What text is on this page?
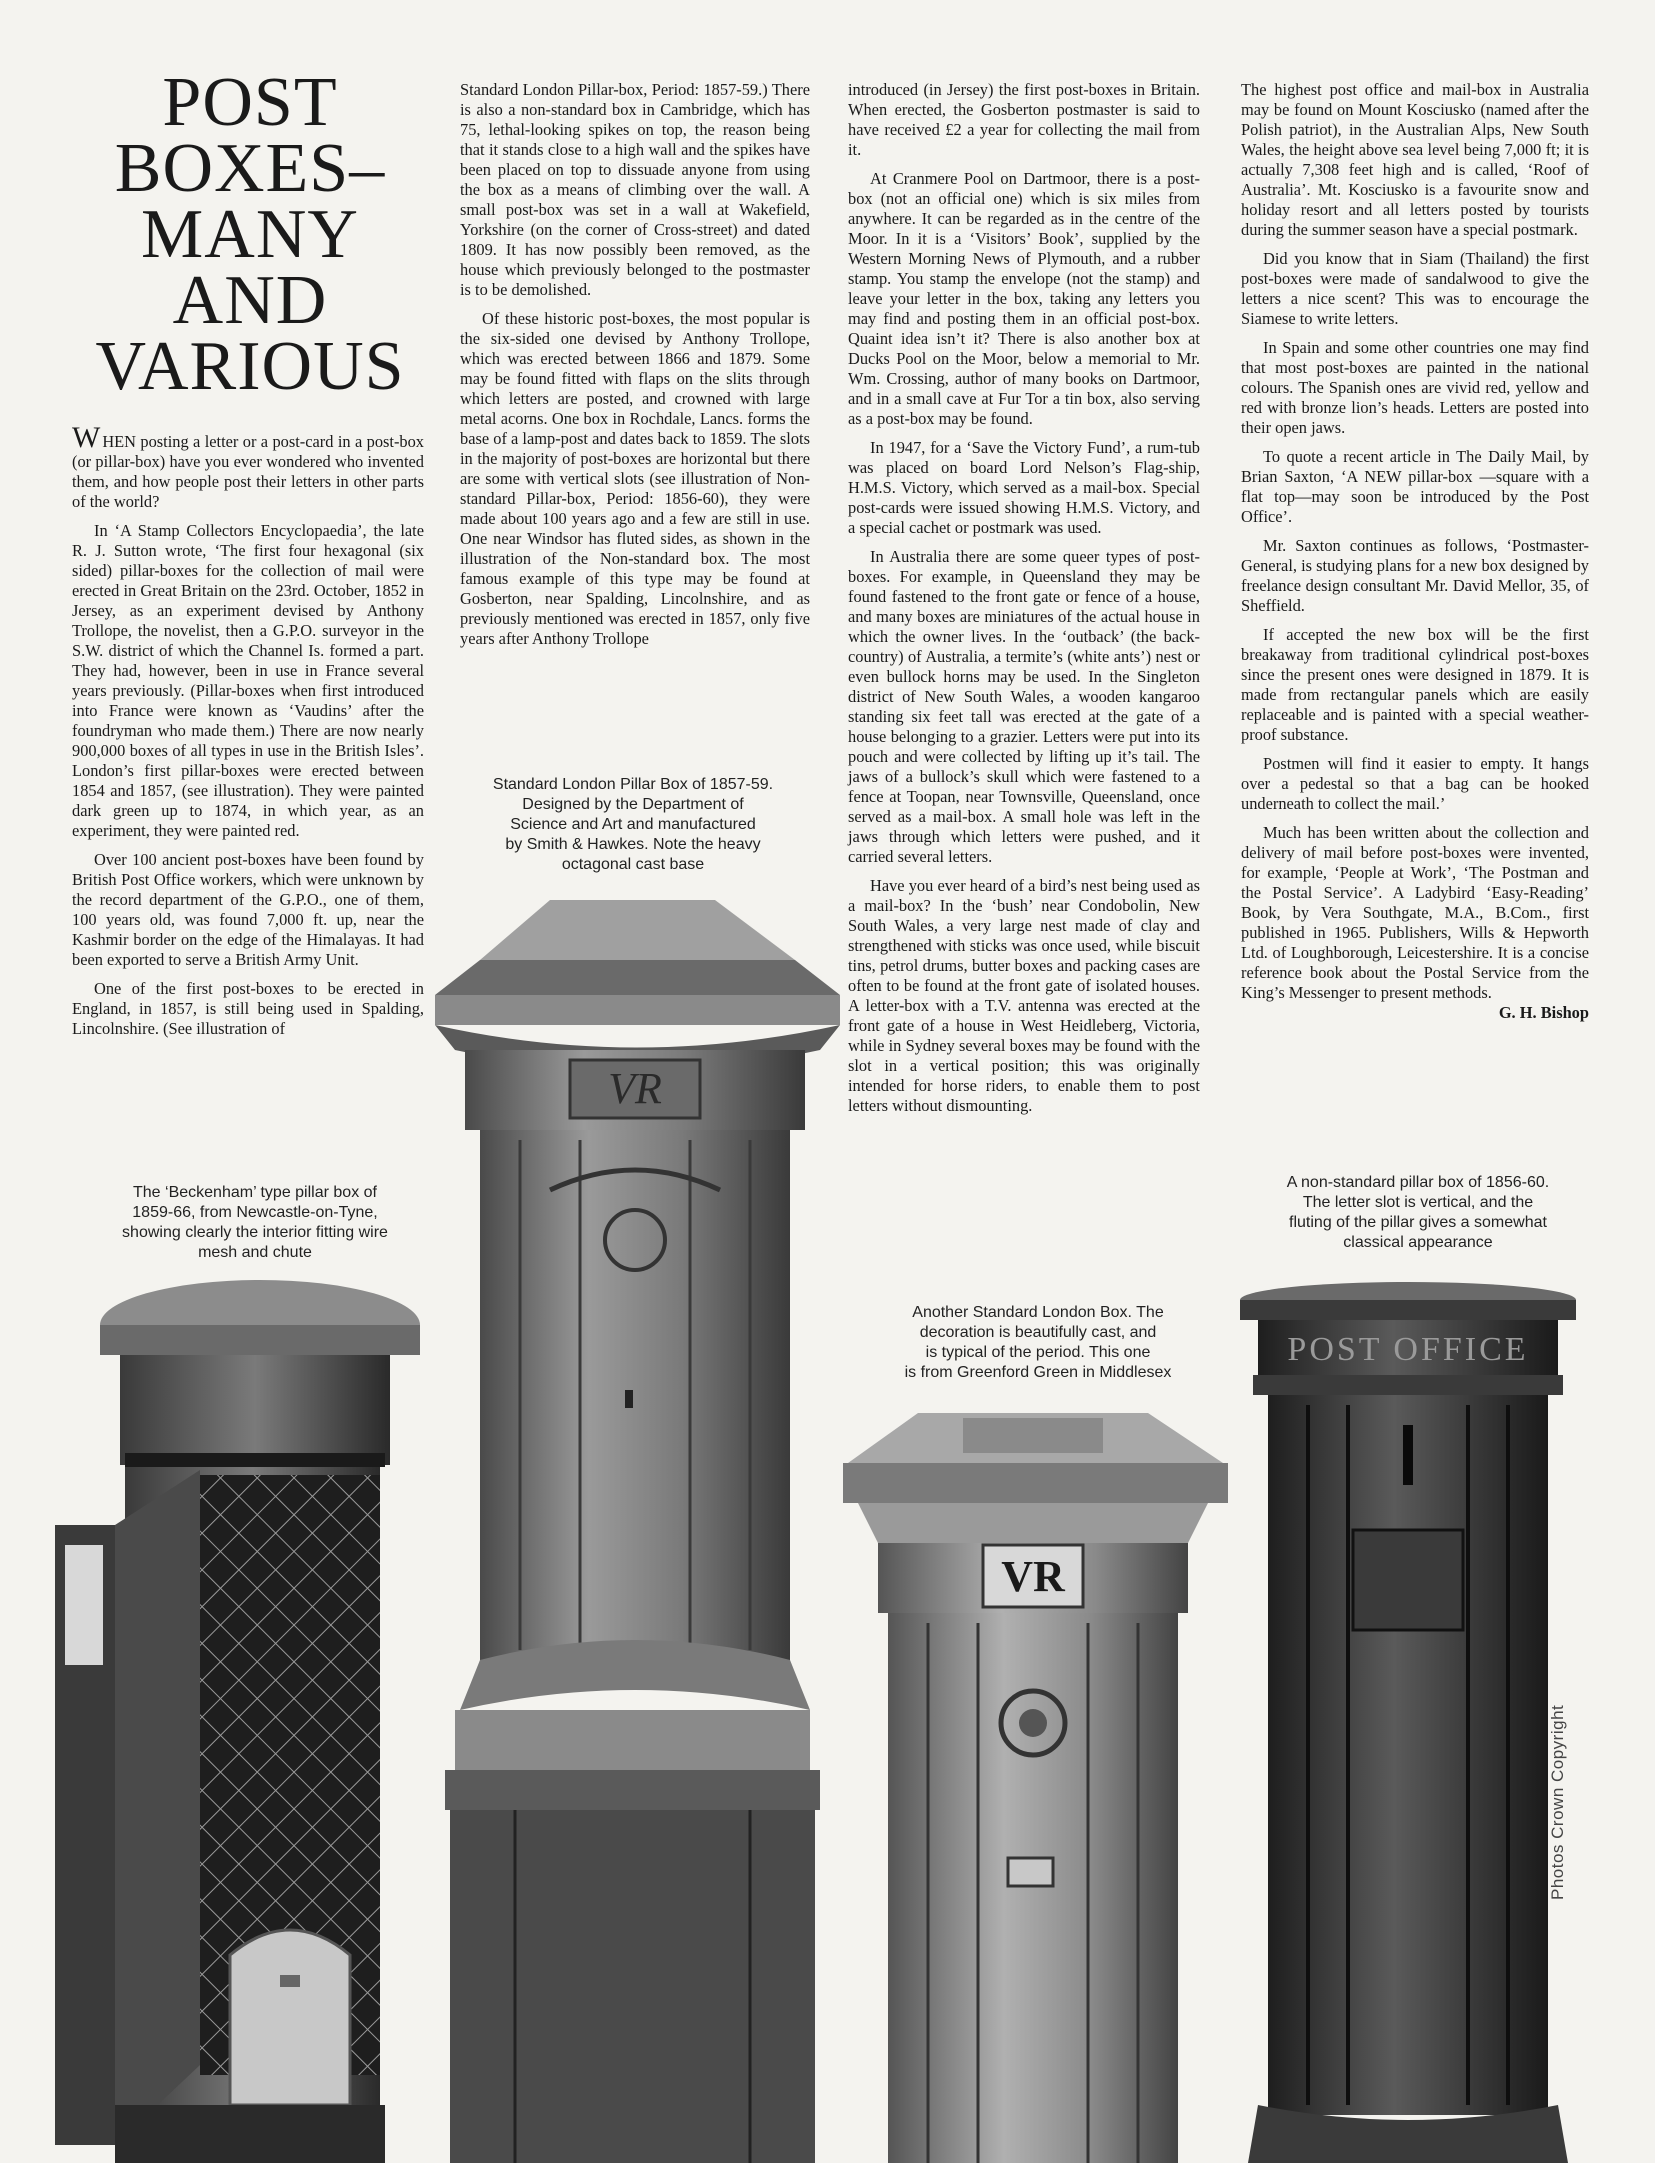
POST
BOXES–
MANY
AND
VARIOUS

WHEN posting a letter or a post-card in a post-box (or pillar-box) have you ever wondered who invented them, and how people post their letters in other parts of the world?

In ‘A Stamp Collectors Encyclopaedia’, the late R. J. Sutton wrote, ‘The first four hexagonal (six sided) pillar-boxes for the collection of mail were erected in Great Britain on the 23rd. October, 1852 in Jersey, as an experiment devised by Anthony Trollope, the novelist, then a G.P.O. surveyor in the S.W. district of which the Channel Is. formed a part. They had, however, been in use in France several years previously. (Pillar-boxes when first introduced into France were known as ‘Vaudins’ after the foundryman who made them.) There are now nearly 900,000 boxes of all types in use in the British Isles’. London’s first pillar-boxes were erected between 1854 and 1857, (see illustration). They were painted dark green up to 1874, in which year, as an experiment, they were painted red.

Over 100 ancient post-boxes have been found by British Post Office workers, which were unknown by the record department of the G.P.O., one of them, 100 years old, was found 7,000 ft. up, near the Kashmir border on the edge of the Himalayas. It had been exported to serve a British Army Unit.

One of the first post-boxes to be erected in England, in 1857, is still being used in Spalding, Lincolnshire. (See illustration of

Standard London Pillar-box, Period: 1857-59.) There is also a non-standard box in Cambridge, which has 75, lethal-looking spikes on top, the reason being that it stands close to a high wall and the spikes have been placed on top to dissuade anyone from using the box as a means of climbing over the wall. A small post-box was set in a wall at Wakefield, Yorkshire (on the corner of Cross-street) and dated 1809. It has now possibly been removed, as the house which previously belonged to the postmaster is to be demolished.

Of these historic post-boxes, the most popular is the six-sided one devised by Anthony Trollope, which was erected between 1866 and 1879. Some may be found fitted with flaps on the slits through which letters are posted, and crowned with large metal acorns. One box in Rochdale, Lancs. forms the base of a lamp-post and dates back to 1859. The slots in the majority of post-boxes are horizontal but there are some with vertical slots (see illustration of Non-standard Pillar-box, Period: 1856-60), they were made about 100 years ago and a few are still in use. One near Windsor has fluted sides, as shown in the illustration of the Non-standard box. The most famous example of this type may be found at Gosberton, near Spalding, Lincolnshire, and as previously mentioned was erected in 1857, only five years after Anthony Trollope

introduced (in Jersey) the first post-boxes in Britain. When erected, the Gosberton postmaster is said to have received £2 a year for collecting the mail from it.

At Cranmere Pool on Dartmoor, there is a post-box (not an official one) which is six miles from anywhere. It can be regarded as in the centre of the Moor. In it is a ‘Visitors’ Book’, supplied by the Western Morning News of Plymouth, and a rubber stamp. You stamp the envelope (not the stamp) and leave your letter in the box, taking any letters you may find and posting them in an official post-box. Quaint idea isn’t it? There is also another box at Ducks Pool on the Moor, below a memorial to Mr. Wm. Crossing, author of many books on Dartmoor, and in a small cave at Fur Tor a tin box, also serving as a post-box may be found.

In 1947, for a ‘Save the Victory Fund’, a rum-tub was placed on board Lord Nelson’s Flag-ship, H.M.S. Victory, which served as a mail-box. Special post-cards were issued showing H.M.S. Victory, and a special cachet or postmark was used.

In Australia there are some queer types of post-boxes. For example, in Queensland they may be found fastened to the front gate or fence of a house, and many boxes are miniatures of the actual house in which the owner lives. In the ‘outback’ (the back-country) of Australia, a termite’s (white ants’) nest or even bullock horns may be used. In the Singleton district of New South Wales, a wooden kangaroo standing six feet tall was erected at the gate of a house belonging to a grazier. Letters were put into its pouch and were collected by lifting up it’s tail. The jaws of a bullock’s skull which were fastened to a fence at Toopan, near Townsville, Queensland, once served as a mail-box. A small hole was left in the jaws through which letters were pushed, and it carried several letters.

Have you ever heard of a bird’s nest being used as a mail-box? In the ‘bush’ near Condobolin, New South Wales, a very large nest made of clay and strengthened with sticks was once used, while biscuit tins, petrol drums, butter boxes and packing cases are often to be found at the front gate of isolated houses. A letter-box with a T.V. antenna was erected at the front gate of a house in West Heidleberg, Victoria, while in Sydney several boxes may be found with the slot in a vertical position; this was originally intended for horse riders, to enable them to post letters without dismounting.

The highest post office and mail-box in Australia may be found on Mount Kosciusko (named after the Polish patriot), in the Australian Alps, New South Wales, the height above sea level being 7,000 ft; it is actually 7,308 feet high and is called, ‘Roof of Australia’. Mt. Kosciusko is a favourite snow and holiday resort and all letters posted by tourists during the summer season have a special postmark.

Did you know that in Siam (Thailand) the first post-boxes were made of sandalwood to give the letters a nice scent? This was to encourage the Siamese to write letters.

In Spain and some other countries one may find that most post-boxes are painted in the national colours. The Spanish ones are vivid red, yellow and red with bronze lion’s heads. Letters are posted into their open jaws.

To quote a recent article in The Daily Mail, by Brian Saxton, ‘A NEW pillar-box —square with a flat top—may soon be introduced by the Post Office’.

Mr. Saxton continues as follows, ‘Postmaster-General, is studying plans for a new box designed by freelance design consultant Mr. David Mellor, 35, of Sheffield.

If accepted the new box will be the first breakaway from traditional cylindrical post-boxes since the present ones were designed in 1879. It is made from rectangular panels which are easily replaceable and is painted with a special weather-proof substance.

Postmen will find it easier to empty. It hangs over a pedestal so that a bag can be hooked underneath to collect the mail.’

Much has been written about the collection and delivery of mail before post-boxes were invented, for example, ‘People at Work’, ‘The Postman and the Postal Service’. A Ladybird ‘Easy-Reading’ Book, by Vera Southgate, M.A., B.Com., first published in 1965. Publishers, Wills & Hepworth Ltd. of Loughborough, Leicestershire. It is a concise reference book about the Postal Service from the King’s Messenger to present methods.
G. H. Bishop

Standard London Pillar Box of 1857-59.
Designed by the Department of
Science and Art and manufactured
by Smith & Hawkes. Note the heavy
octagonal cast base
The ‘Beckenham’ type pillar box of
1859-66, from Newcastle-on-Tyne,
showing clearly the interior fitting wire
mesh and chute
Another Standard London Box. The
decoration is beautifully cast, and
is typical of the period. This one
is from Greenford Green in Middlesex
A non-standard pillar box of 1856-60.
The letter slot is vertical, and the
fluting of the pillar gives a somewhat
classical appearance
VR
VR
POST OFFICE
Photos Crown Copyright
